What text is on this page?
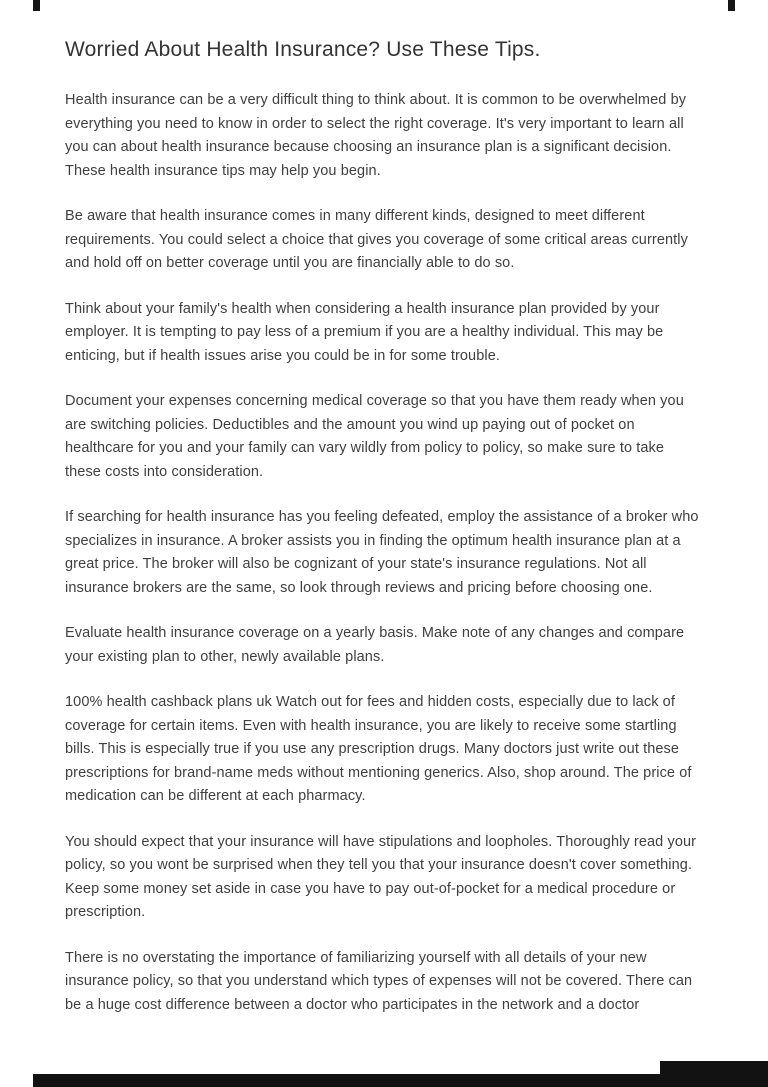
Worried About Health Insurance? Use These Tips.

Health insurance can be a very difficult thing to think about. It is common to be overwhelmed by everything you need to know in order to select the right coverage. It's very important to learn all you can about health insurance because choosing an insurance plan is a significant decision. These health insurance tips may help you begin.

Be aware that health insurance comes in many different kinds, designed to meet different requirements. You could select a choice that gives you coverage of some critical areas currently and hold off on better coverage until you are financially able to do so.

Think about your family's health when considering a health insurance plan provided by your employer. It is tempting to pay less of a premium if you are a healthy individual. This may be enticing, but if health issues arise you could be in for some trouble.

Document your expenses concerning medical coverage so that you have them ready when you are switching policies. Deductibles and the amount you wind up paying out of pocket on healthcare for you and your family can vary wildly from policy to policy, so make sure to take these costs into consideration.

If searching for health insurance has you feeling defeated, employ the assistance of a broker who specializes in insurance. A broker assists you in finding the optimum health insurance plan at a great price. The broker will also be cognizant of your state's insurance regulations. Not all insurance brokers are the same, so look through reviews and pricing before choosing one.

Evaluate health insurance coverage on a yearly basis. Make note of any changes and compare your existing plan to other, newly available plans.

100% health cashback plans uk Watch out for fees and hidden costs, especially due to lack of coverage for certain items. Even with health insurance, you are likely to receive some startling bills. This is especially true if you use any prescription drugs. Many doctors just write out these prescriptions for brand-name meds without mentioning generics. Also, shop around. The price of medication can be different at each pharmacy.

You should expect that your insurance will have stipulations and loopholes. Thoroughly read your policy, so you wont be surprised when they tell you that your insurance doesn't cover something. Keep some money set aside in case you have to pay out-of-pocket for a medical procedure or prescription.

There is no overstating the importance of familiarizing yourself with all details of your new insurance policy, so that you understand which types of expenses will not be covered. There can be a huge cost difference between a doctor who participates in the network and a doctor
